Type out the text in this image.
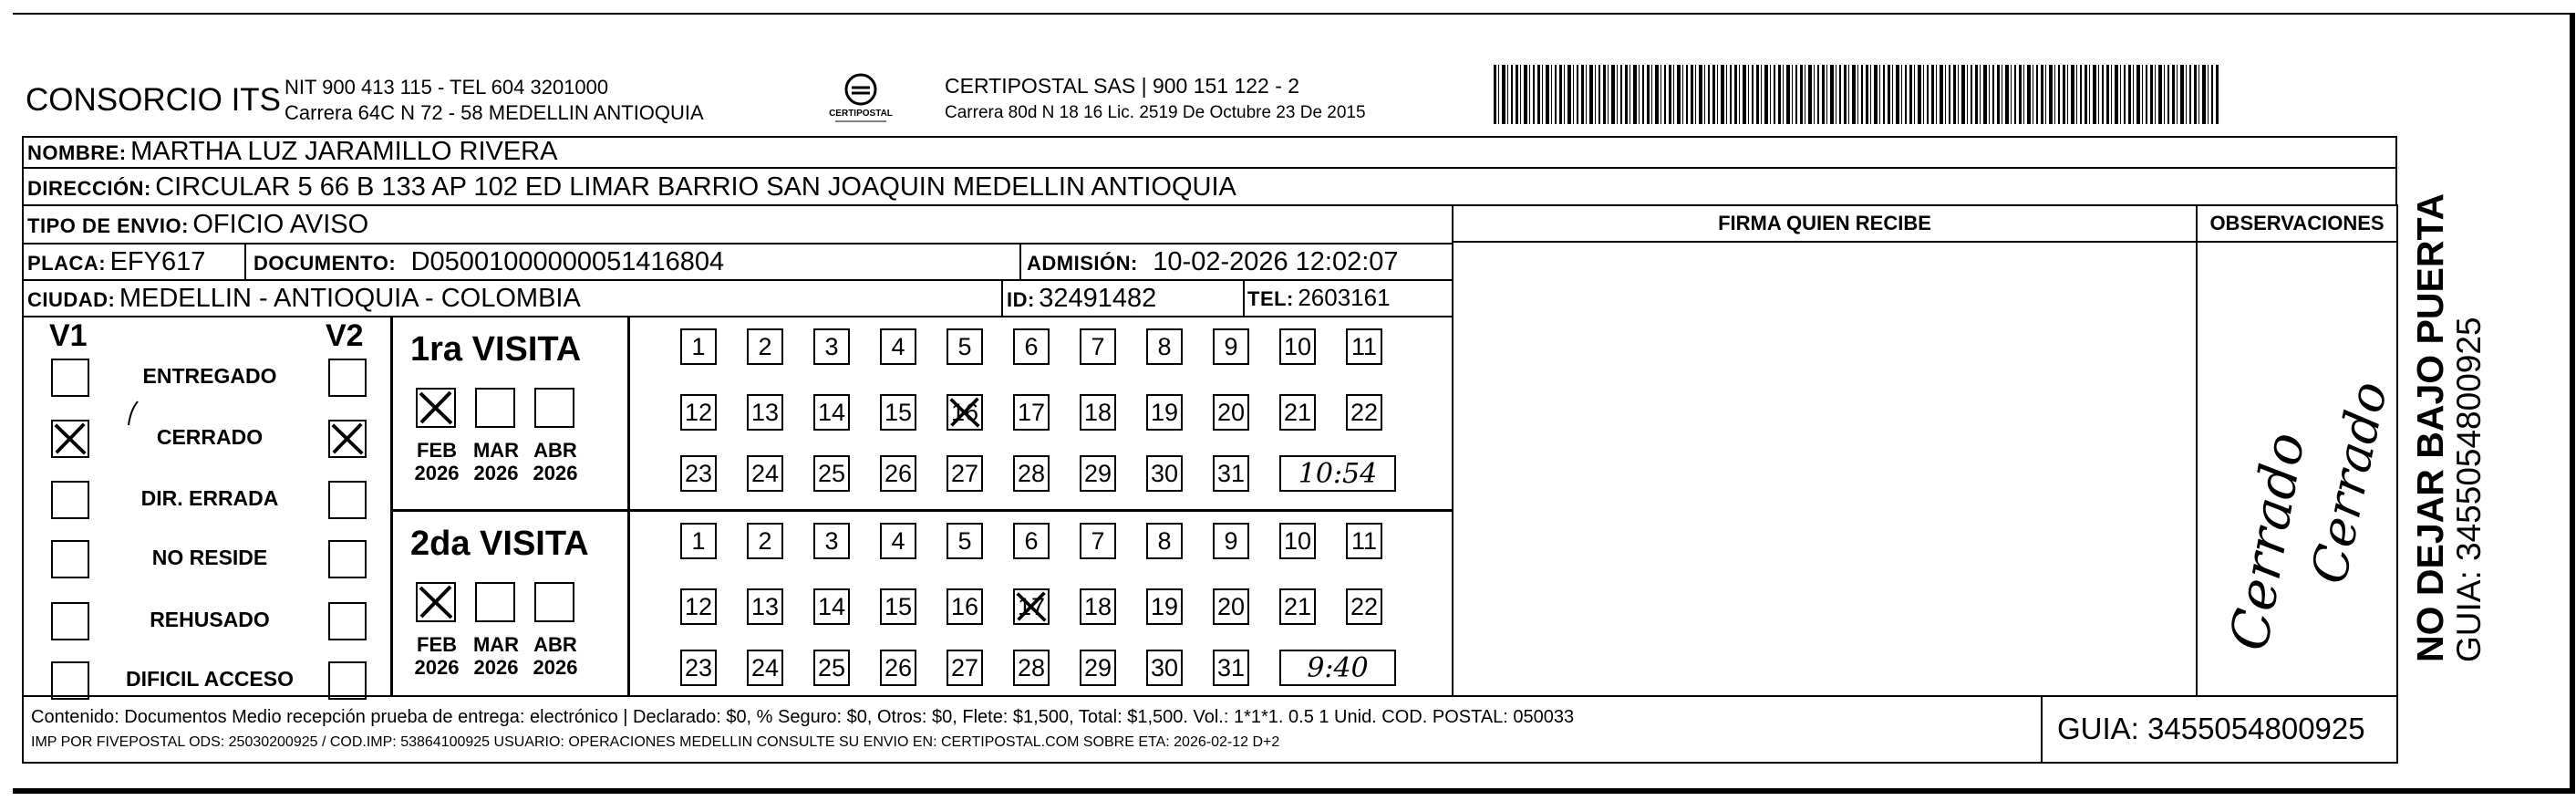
CONSORCIO ITS NIT 900 413 115 - TEL 604 3201000
Carrera 64C N 72 - 58 MEDELLIN ANTIOQUIA	CERTIPOSTAL
CERTIPOSTAL SAS | 900 151 122 - 2
Carrera 80d N 18 16 Lic. 2519 De Octubre 23 De 2015
NOMBRE: MARTHA LUZ JARAMILLO RIVERA
DIRECCIÓN: CIRCULAR 5 66 B 133 AP 102 ED LIMAR BARRIO SAN JOAQUIN MEDELLIN ANTIOQUIA
FIRMA QUIEN RECIBE	OBSERVACIONES
Cerrado
Cerrado
TIPO DE ENVIO: OFICIO AVISO
PLACA: EFY617 DOCUMENTO: D05001000000051416804	ADMISIÓN: 10-02-2026 12:02:07
CIUDAD: MEDELLIN - ANTIOQUIA - COLOMBIA	ID: 32491482	TEL: 2603161
V1	V2
ENTREGADO
CERRADO
DIR. ERRADA
NO RESIDE
REHUSADO
DIFICIL ACCESO
1ra VISITA
FEB
2026
MAR
2026
ABR
2026
1	2	3	4	5	6	7	8	9	10 11
12 13 14 15 16 17 18 19 20 21 22
23 24 25 26 27 28 29 30 31	10:54
2da VISITA
FEB
2026
MAR
2026
ABR
2026
1	2	3	4	5	6	7	8	9	10 11
12 13 14 15 16 17 18 19 20 21 22
23 24 25 26 27 28 29 30 31	9:40
Contenido: Documentos Medio recepción prueba de entrega: electrónico | Declarado: $0, % Seguro: $0, Otros: $0, Flete: $1,500, Total: $1,500. Vol.: 1*1*1. 0.5 1 Unid. COD. POSTAL: 050033
IMP POR FIVEPOSTAL ODS: 25030200925 / COD.IMP: 53864100925 USUARIO: OPERACIONES MEDELLIN CONSULTE SU ENVIO EN: CERTIPOSTAL.COM SOBRE ETA: 2026-02-12 D+2	GUIA: 3455054800925
NO DEJAR BAJO PUERTA GUIA: 3455054800925
